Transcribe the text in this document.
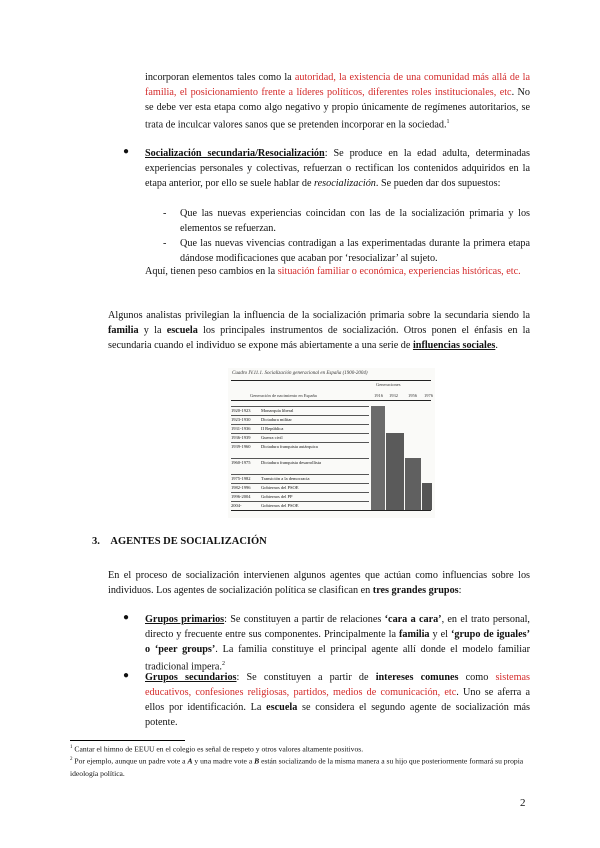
incorporan elementos tales como la autoridad, la existencia de una comunidad más allá de la familia, el posicionamiento frente a líderes políticos, diferentes roles institucionales, etc. No se debe ver esta etapa como algo negativo y propio únicamente de regímenes autoritarios, se trata de inculcar valores sanos que se pretenden incorporar en la sociedad.$^1$
● Socialización secundaria/Resocialización: Se produce en la edad adulta, determinadas experiencias personales y colectivas, refuerzan o rectifican los contenidos adquiridos en la etapa anterior, por ello se suele hablar de resocialización. Se pueden dar dos supuestos:
- Que las nuevas experiencias coincidan con las de la socialización primaria y los elementos se refuerzan.
- Que las nuevas vivencias contradigan a las experimentadas durante la primera etapa dándose modificaciones que acaban por ‘resocializar’ al sujeto.
Aquí, tienen peso cambios en la situación familiar o económica, experiencias históricas, etc.
Algunos analistas privilegian la influencia de la socialización primaria sobre la secundaria siendo la familia y la escuela los principales instrumentos de socialización. Otros ponen el énfasis en la secundaria cuando el individuo se expone más abiertamente a una serie de influencias sociales.
Cuadro IV.11.1. Socialización generacional en España (1900-2004)
Generaciones
Generación de nacimiento en España	1916 1932 1956 1976
1920-1923 Monarquía liberal
1923-1930 Dictadura militar
1931-1936 II República
1936-1939 Guerra civil
1939-1960 Dictadura franquista autárquica
1960-1975 Dictadura franquista desarrollista
1975-1982 Transición a la democracia
1982-1996 Gobiernos del PSOE
1996-2004 Gobiernos del PP
2004-	Gobiernos del PSOE
3. AGENTES DE SOCIALIZACIÓN
En el proceso de socialización intervienen algunos agentes que actúan como influencias sobre los individuos. Los agentes de socialización política se clasifican en tres grandes grupos:
● Grupos primarios: Se constituyen a partir de relaciones ‘cara a cara’, en el trato personal, directo y frecuente entre sus componentes. Principalmente la familia y el ‘grupo de iguales’ o ‘peer groups’. La familia constituye el principal agente allí donde el modelo familiar tradicional impera.$^2$
● Grupos secundarios: Se constituyen a partir de intereses comunes como sistemas educativos, confesiones religiosas, partidos, medios de comunicación, etc. Uno se aferra a ellos por identificación. La escuela se considera el segundo agente de socialización más potente.
$^1$ Cantar el himno de EEUU en el colegio es señal de respeto y otros valores altamente positivos.
$^2$ Por ejemplo, aunque un padre vote a A y una madre vote a B están socializando de la misma manera a su hijo que posteriormente formará su propia ideología política.
2
